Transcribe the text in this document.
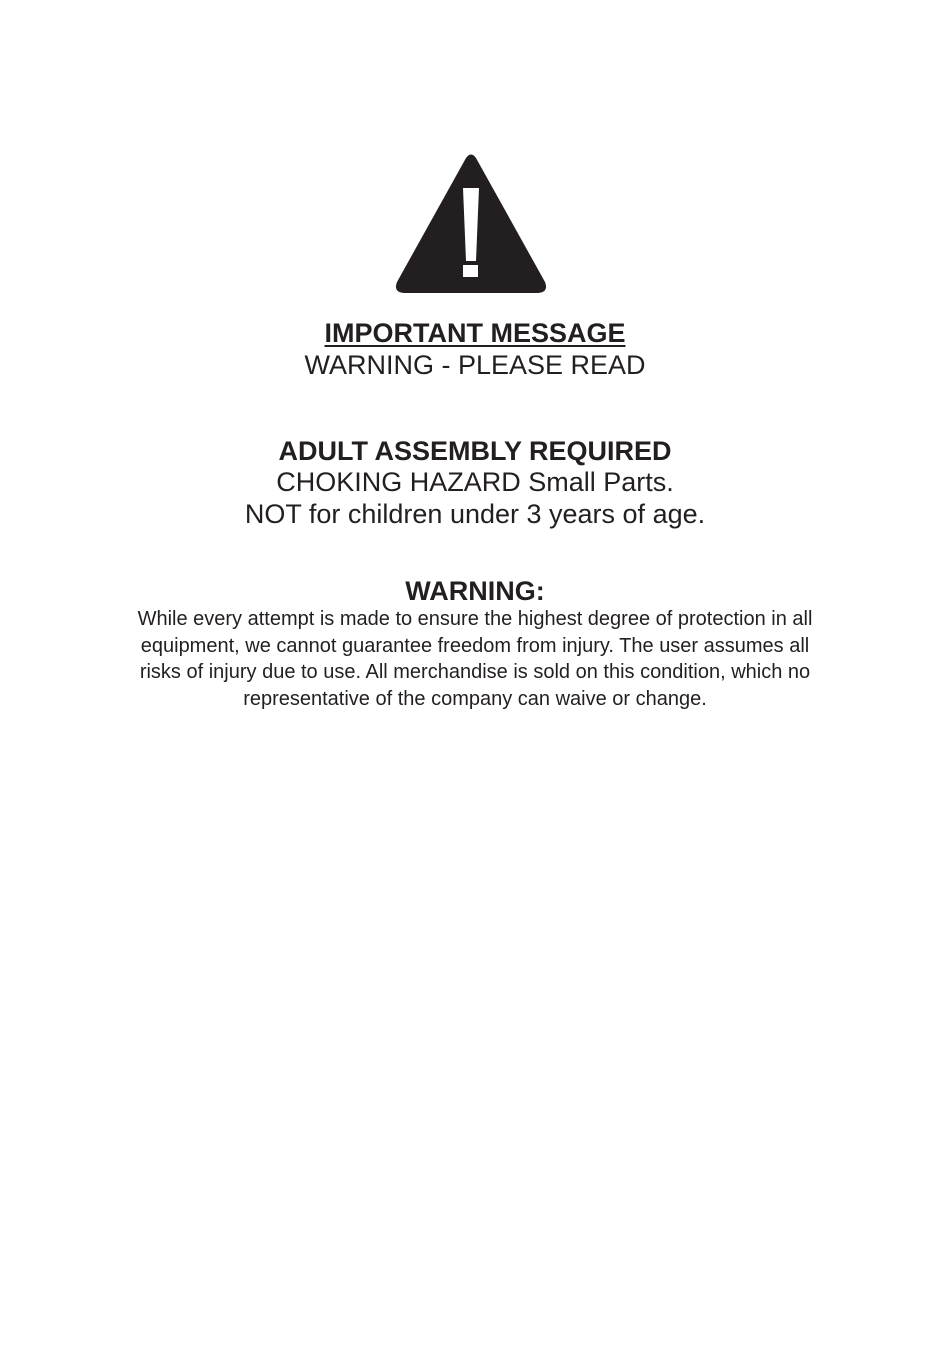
IMPORTANT MESSAGE

WARNING - PLEASE READ

ADULT ASSEMBLY REQUIRED

CHOKING HAZARD Small Parts.

NOT for children under 3 years of age.

WARNING:

While every attempt is made to ensure the highest degree of protection in all
equipment, we cannot guarantee freedom from injury. The user assumes all
risks of injury due to use. All merchandise is sold on this condition, which no
representative of the company can waive or change.
